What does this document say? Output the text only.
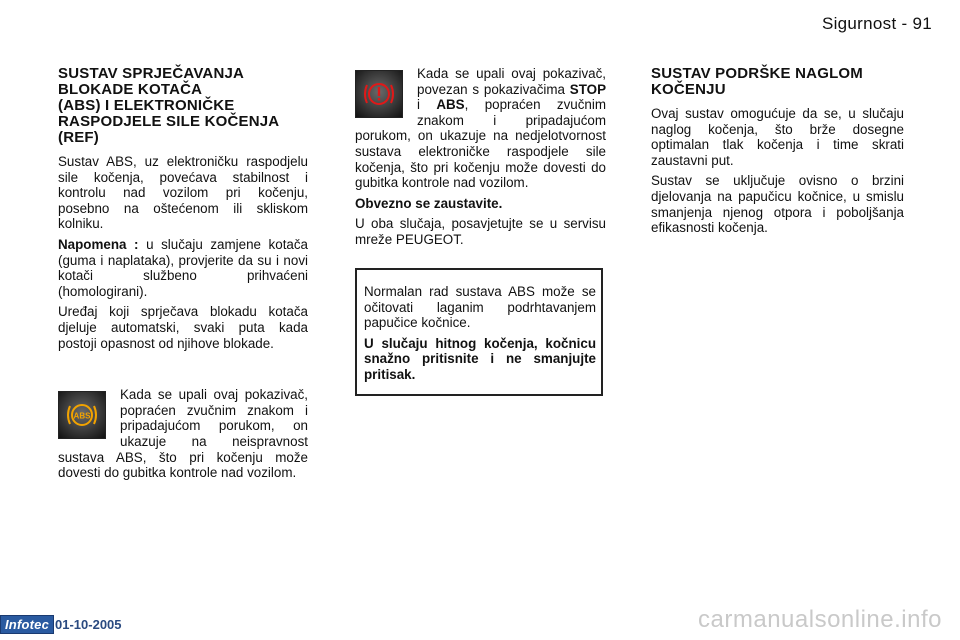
Sigurnost - 91
SUSTAV SPRJEČAVANJA
BLOKADE KOTAČA
(ABS) I ELEKTRONIČKE
RASPODJELE SILE KOČENJA
(REF)

Sustav ABS, uz elektroničku raspodjelu sile kočenja, povećava stabilnost i kontrolu nad vozilom pri kočenju, posebno na oštećenom ili skliskom kolniku.

Napomena : u slučaju zamjene kotača (guma i naplataka), provjerite da su i novi kotači službeno prihvaćeni (homologirani).

Uređaj koji sprječava blokadu kotača djeluje automatski, svaki puta kada postoji opasnost od njihove blokade.

ABS

Kada se upali ovaj pokazivač, popraćen zvučnim znakom i pripadajućom porukom, on ukazuje na neispravnost sustava ABS, što pri kočenju može dovesti do gubitka kontrole nad vozilom.

Kada se upali ovaj pokazivač, povezan s pokazivačima STOP i ABS, popraćen zvučnim znakom i pripadajućom porukom, on ukazuje na nedjelotvornost sustava elektroničke raspodjele sile kočenja, što pri kočenju može dovesti do gubitka kontrole nad vozilom.

Obvezno se zaustavite.

U oba slučaja, posavjetujte se u servisu mreže PEUGEOT.

Normalan rad sustava ABS može se očitovati laganim podrhtavanjem papučice kočnice.

U slučaju hitnog kočenja, kočnicu snažno pritisnite i ne smanjujte pritisak.

SUSTAV PODRŠKE NAGLOM
KOČENJU

Ovaj sustav omogućuje da se, u slučaju naglog kočenja, što brže dosegne optimalan tlak kočenja i time skrati zaustavni put.

Sustav se uključuje ovisno o brzini djelovanja na papučicu kočnice, u smislu smanjenja njenog otpora i poboljšanja efikasnosti kočenja.

Infotec 01-10-2005	carmanualsonline.info
